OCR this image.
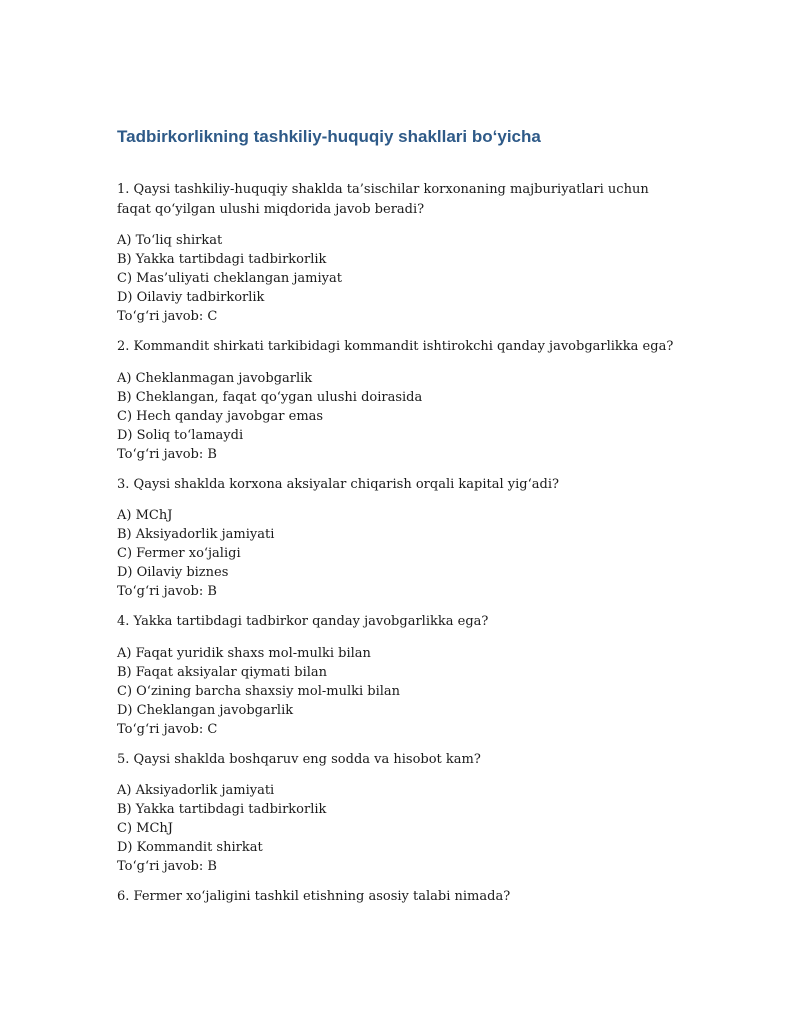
Tadbirkorlikning tashkiliy-huquqiy shakllari bo‘yicha

1. Qaysi tashkiliy-huquqiy shaklda ta’sischilar korxonaning majburiyatlari uchun faqat qo‘yilgan ulushi miqdorida javob beradi?

A) To‘liq shirkat
B) Yakka tartibdagi tadbirkorlik
C) Mas’uliyati cheklangan jamiyat
D) Oilaviy tadbirkorlik

To‘g‘ri javob: C

2. Kommandit shirkati tarkibidagi kommandit ishtirokchi qanday javobgarlikka ega?

A) Cheklanmagan javobgarlik
B) Cheklangan, faqat qo‘ygan ulushi doirasida
C) Hech qanday javobgar emas
D) Soliq to‘lamaydi

To‘g‘ri javob: B

3. Qaysi shaklda korxona aksiyalar chiqarish orqali kapital yig‘adi?

A) MChJ
B) Aksiyadorlik jamiyati
C) Fermer xo‘jaligi
D) Oilaviy biznes

To‘g‘ri javob: B

4. Yakka tartibdagi tadbirkor qanday javobgarlikka ega?

A) Faqat yuridik shaxs mol-mulki bilan
B) Faqat aksiyalar qiymati bilan
C) O‘zining barcha shaxsiy mol-mulki bilan
D) Cheklangan javobgarlik

To‘g‘ri javob: C

5. Qaysi shaklda boshqaruv eng sodda va hisobot kam?

A) Aksiyadorlik jamiyati
B) Yakka tartibdagi tadbirkorlik
C) MChJ
D) Kommandit shirkat

To‘g‘ri javob: B

6. Fermer xo‘jaligini tashkil etishning asosiy talabi nimada?
